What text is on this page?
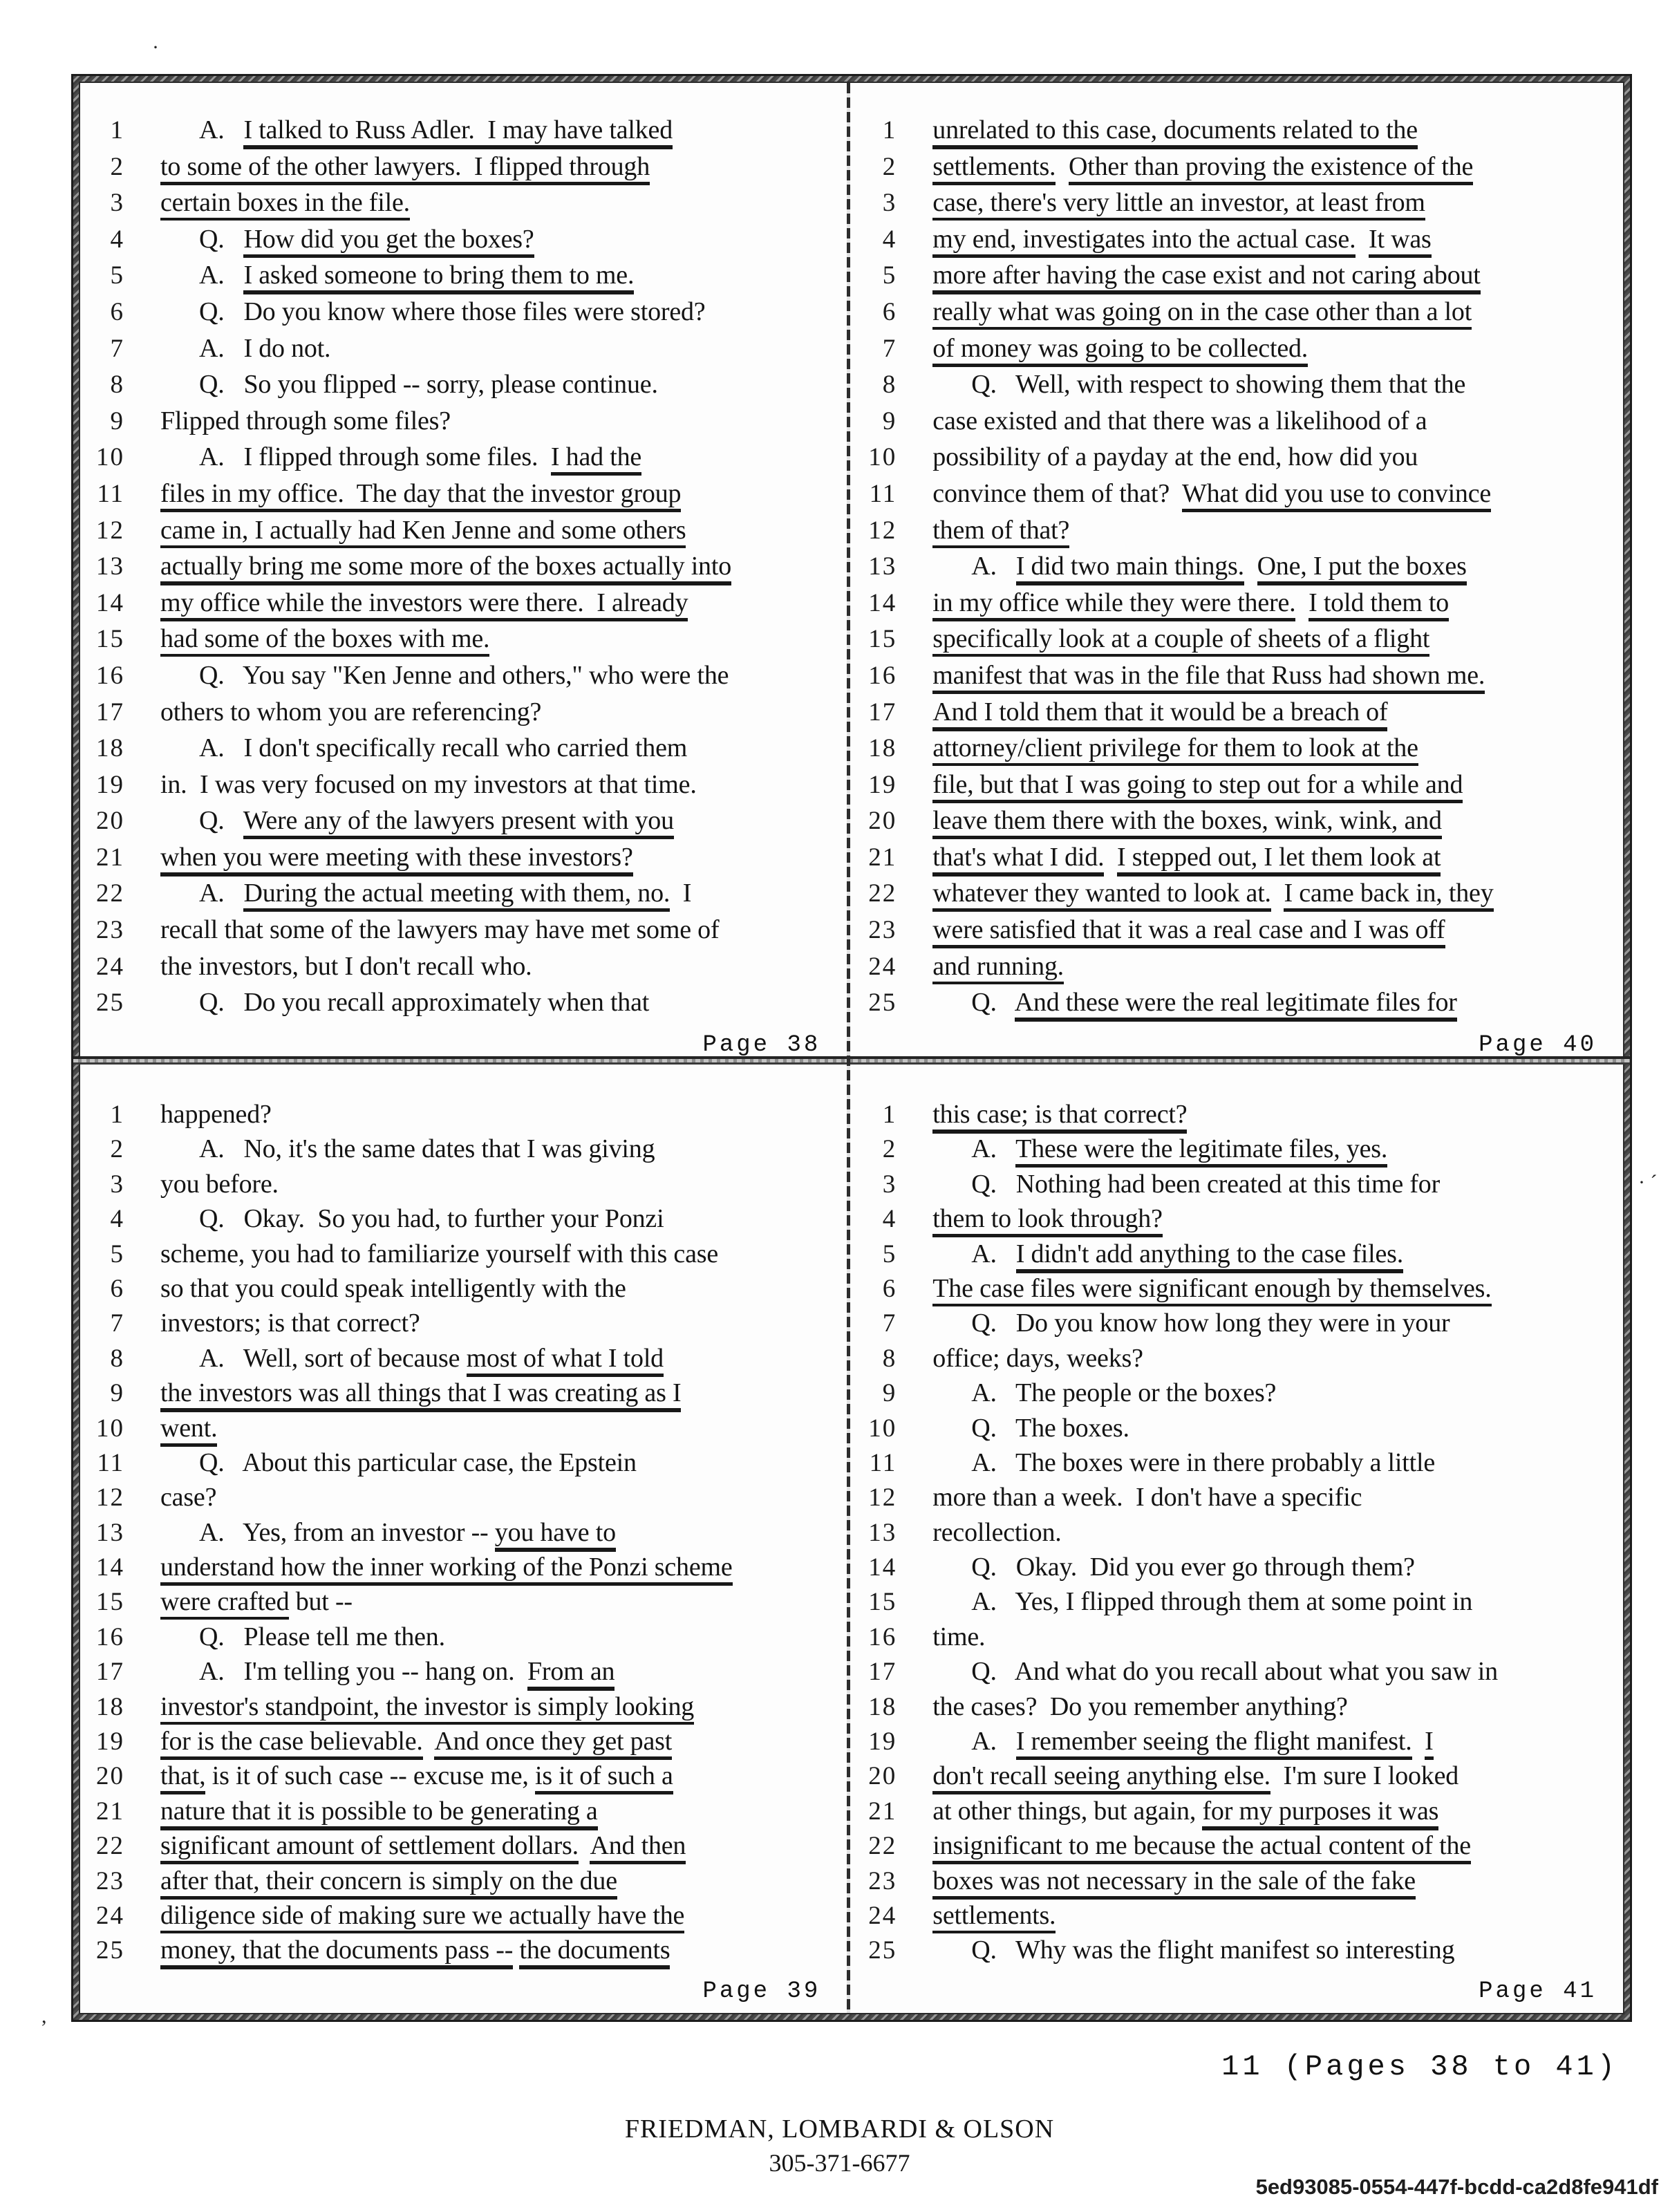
1	A.   I talked to Russ Adler.  I may have talked
2 to some of the other lawyers.  I flipped through
3 certain boxes in the file.
4	Q.   How did you get the boxes?
5	A.   I asked someone to bring them to me.
6	Q.   Do you know where those files were stored?
7	A.   I do not.
8	Q.   So you flipped -- sorry, please continue.
9 Flipped through some files?
10	A.   I flipped through some files.  I had the
11 files in my office.  The day that the investor group
12 came in, I actually had Ken Jenne and some others
13 actually bring me some more of the boxes actually into
14 my office while the investors were there.  I already
15 had some of the boxes with me.
16	Q.   You say "Ken Jenne and others," who were the
17 others to whom you are referencing?
18	A.   I don't specifically recall who carried them
19 in.  I was very focused on my investors at that time.
20	Q.   Were any of the lawyers present with you
21 when you were meeting with these investors?
22	A.   During the actual meeting with them, no.  I
23 recall that some of the lawyers may have met some of
24 the investors, but I don't recall who.
25	Q.   Do you recall approximately when that
Page 38
1 unrelated to this case, documents related to the
2 settlements. Other than proving the existence of the
3 case, there's very little an investor, at least from
4 my end, investigates into the actual case. It was
5 more after having the case exist and not caring about
6 really what was going on in the case other than a lot
7 of money was going to be collected.
8	Q.   Well, with respect to showing them that the
9 case existed and that there was a likelihood of a
10 possibility of a payday at the end, how did you
11 convince them of that?  What did you use to convince
12 them of that?
13	A.   I did two main things. One, I put the boxes
14 in my office while they were there. I told them to
15 specifically look at a couple of sheets of a flight
16 manifest that was in the file that Russ had shown me.
17 And I told them that it would be a breach of
18 attorney/client privilege for them to look at the
19 file, but that I was going to step out for a while and
20 leave them there with the boxes, wink, wink, and
21 that's what I did. I stepped out, I let them look at
22 whatever they wanted to look at. I came back in, they
23 were satisfied that it was a real case and I was off
24 and running.
25	Q.   And these were the real legitimate files for
Page 40
1 happened?
2	A.   No, it's the same dates that I was giving
3 you before.
4	Q.   Okay.  So you had, to further your Ponzi
5 scheme, you had to familiarize yourself with this case
6 so that you could speak intelligently with the
7 investors; is that correct?
8	A.   Well, sort of because most of what I told
9 the investors was all things that I was creating as I
10 went.
11	Q.   About this particular case, the Epstein
12 case?
13	A.   Yes, from an investor -- you have to
14 understand how the inner working of the Ponzi scheme
15 were crafted but --
16	Q.   Please tell me then.
17	A.   I'm telling you -- hang on.  From an
18 investor's standpoint, the investor is simply looking
19 for is the case believable. And once they get past
20 that, is it of such case -- excuse me, is it of such a
21 nature that it is possible to be generating a
22 significant amount of settlement dollars. And then
23 after that, their concern is simply on the due
24 diligence side of making sure we actually have the
25 money, that the documents pass -- the documents
Page 39
1 this case; is that correct?
2	A.   These were the legitimate files, yes.
3	Q.   Nothing had been created at this time for
4 them to look through?
5	A.   I didn't add anything to the case files.
6 The case files were significant enough by themselves.
7	Q.   Do you know how long they were in your
8 office; days, weeks?
9	A.   The people or the boxes?
10	Q.   The boxes.
11	A.   The boxes were in there probably a little
12 more than a week.  I don't have a specific
13 recollection.
14	Q.   Okay.  Did you ever go through them?
15	A.   Yes, I flipped through them at some point in
16 time.
17	Q.   And what do you recall about what you saw in
18 the cases?  Do you remember anything?
19	A.   I remember seeing the flight manifest. I
20 don't recall seeing anything else.  I'm sure I looked
21 at other things, but again, for my purposes it was
22 insignificant to me because the actual content of the
23 boxes was not necessary in the sale of the fake
24 settlements.
25	Q.   Why was the flight manifest so interesting
Page 41
11 (Pages 38 to 41)
FRIEDMAN, LOMBARDI & OLSON
305-371-6677
5ed93085-0554-447f-bcdd-ca2d8fe941df
·
· ˊ
,
